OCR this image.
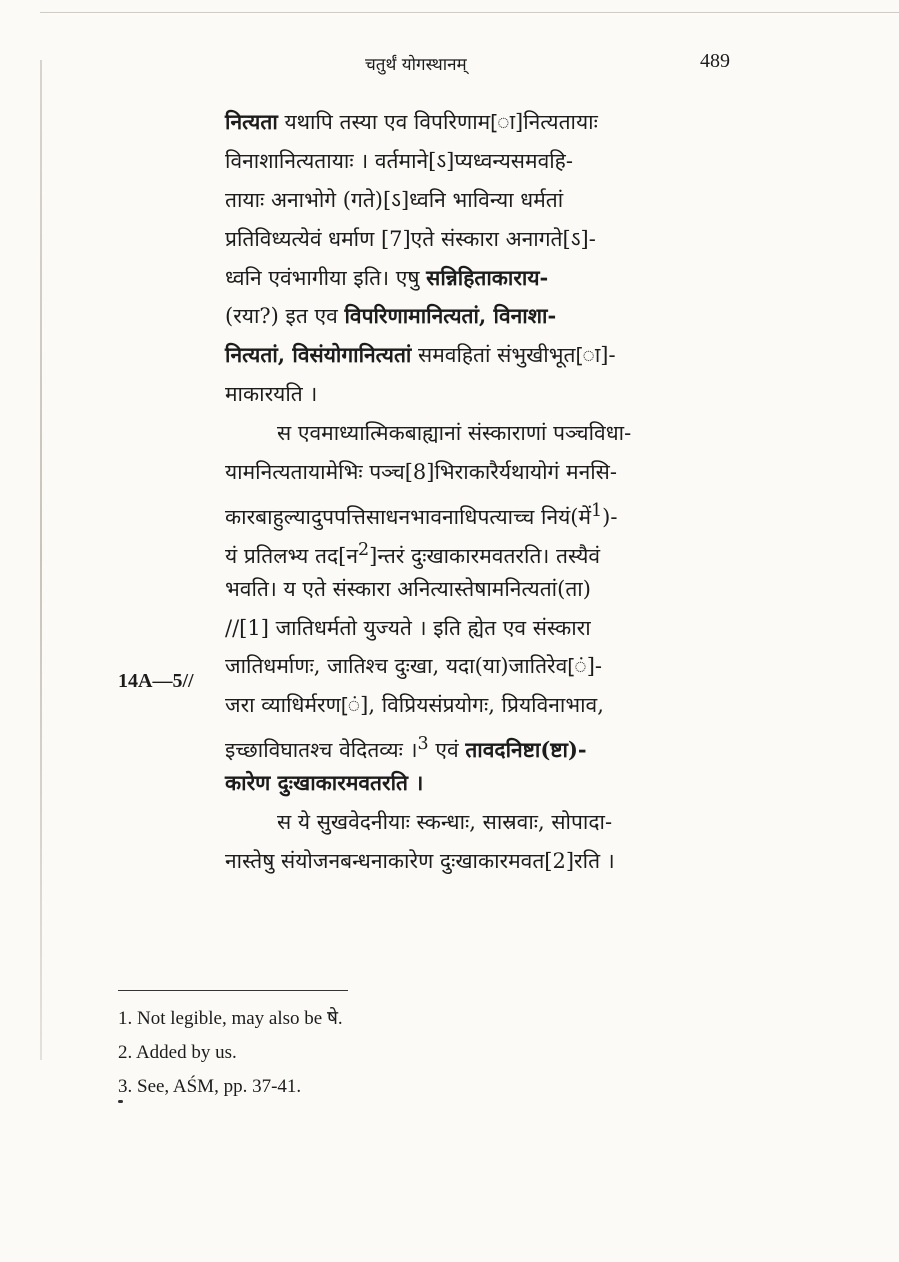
चतुर्थं योगस्थानम्	489
नित्यता यथापि तस्या एव विपरिणाम[ा]नित्यतायाः
विनाशानित्यतायाः । वर्तमाने[ऽ]प्यध्वन्यसमवहि-
तायाः अनाभोगे (गते)[ऽ]ध्वनि भाविन्या धर्मतां
प्रतिविध्यत्येवं धर्माण [7]एते संस्कारा अनागते[ऽ]-
ध्वनि एवंभागीया इति। एषु सन्निहिताकाराय-
(रया?) इत एव विपरिणामानित्यतां, विनाशा-
नित्यतां, विसंयोगानित्यतां समवहितां संभुखीभूत[ा]-
माकारयति ।
स एवमाध्यात्मिकबाह्यानां संस्काराणां पञ्चविधा-
यामनित्यतायामेभिः पञ्च[8]भिराकारैर्यथायोगं मनसि-
कारबाहुल्यादुपपत्तिसाधनभावनाधिपत्याच्च नियं(में$^1$)-
यं प्रतिलभ्य तद[न$^2$]न्तरं दुःखाकारमवतरति। तस्यैवं
भवति। य एते संस्कारा अनित्यास्तेषामनित्यतां(ता)
//[1] जातिधर्मतो युज्यते । इति ह्येत एव संस्कारा
जातिधर्माणः, जातिश्च दुःखा, यदा(या)जातिरेव[ं]-
जरा व्याधिर्मरण[ं], विप्रियसंप्रयोगः, प्रियविनाभाव,
इच्छाविघातश्च वेदितव्यः ।$^3$ एवं तावदनिष्टा(ष्टा)-
कारेण दुःखाकारमवतरति ।
स ये सुखवेदनीयाः स्कन्धाः, सास्रवाः, सोपादा-
नास्तेषु संयोजनबन्धनाकारेण दुःखाकारमवत[2]रति ।
14A—5//
1. Not legible, may also be षे.
2. Added by us.
3. See, AŚM, pp. 37-41.
